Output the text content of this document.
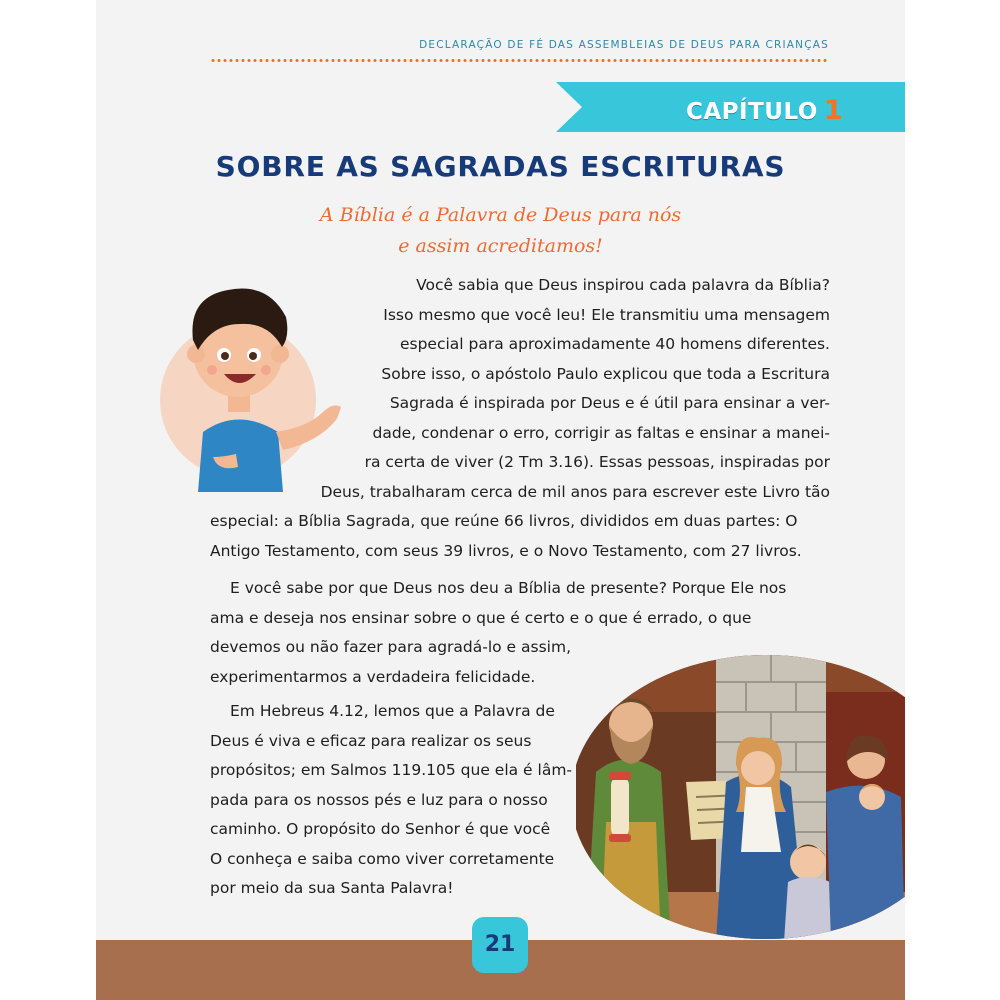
DECLARAÇÃO DE FÉ DAS ASSEMBLEIAS DE DEUS PARA CRIANÇAS
CAPÍTULO 1
SOBRE AS SAGRADAS ESCRITURAS

A Bíblia é a Palavra de Deus para nós
e assim acreditamos!

Você sabia que Deus inspirou cada palavra da Bíblia?
Isso mesmo que você leu! Ele transmitiu uma mensagem
especial para aproximadamente 40 homens diferentes.
Sobre isso, o apóstolo Paulo explicou que toda a Escritura
Sagrada é inspirada por Deus e é útil para ensinar a ver-
dade, condenar o erro, corrigir as faltas e ensinar a manei-
ra certa de viver (2 Tm 3.16). Essas pessoas, inspiradas por
Deus, trabalharam cerca de mil anos para escrever este Livro tão

especial: a Bíblia Sagrada, que reúne 66 livros, divididos em duas partes: O
Antigo Testamento, com seus 39 livros, e o Novo Testamento, com 27 livros.

E você sabe por que Deus nos deu a Bíblia de presente? Porque Ele nos
ama e deseja nos ensinar sobre o que é certo e o que é errado, o que

devemos ou não fazer para agradá-lo e assim,
experimentarmos a verdadeira felicidade.

Em Hebreus 4.12, lemos que a Palavra de
Deus é viva e eficaz para realizar os seus
propósitos; em Salmos 119.105 que ela é lâm-
pada para os nossos pés e luz para o nosso
caminho. O propósito do Senhor é que você
O conheça e saiba como viver corretamente
por meio da sua Santa Palavra!

21
